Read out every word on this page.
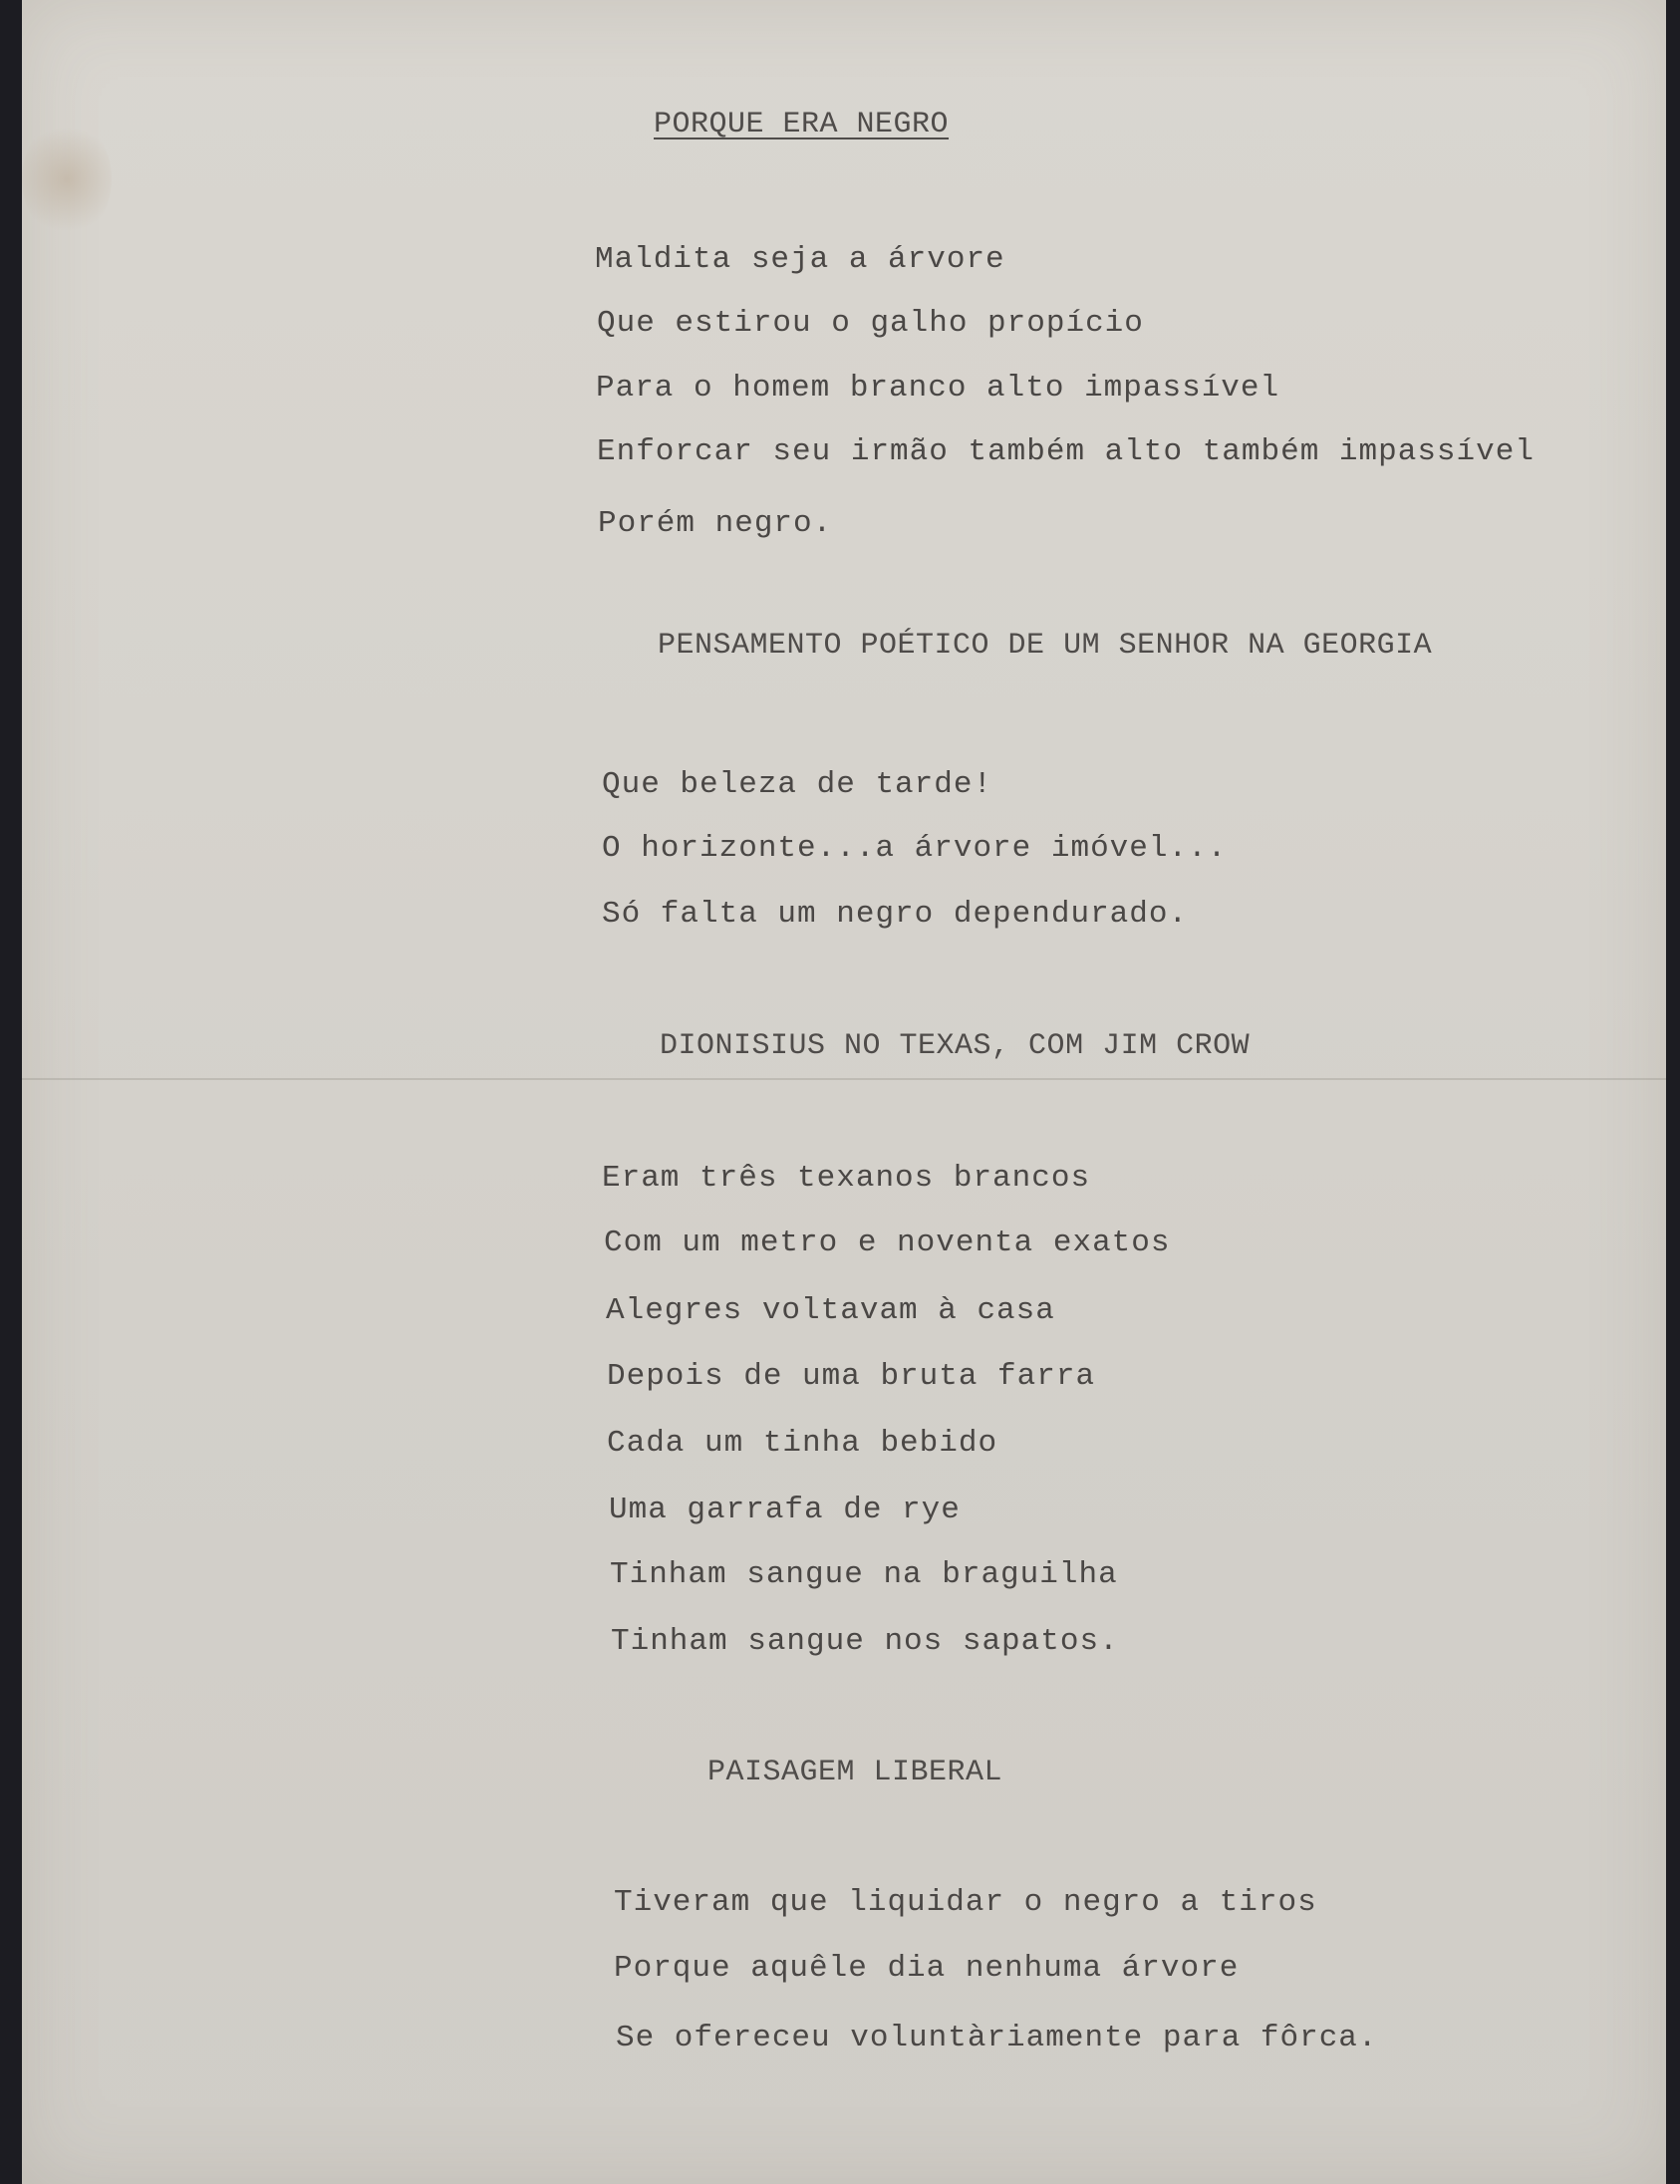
PORQUE ERA NEGRO
Maldita seja a árvore
Que estirou o galho propício
Para o homem branco alto impassível
Enforcar seu irmão também alto também impassível
Porém negro.
PENSAMENTO POÉTICO DE UM SENHOR NA GEORGIA
Que beleza de tarde!
O horizonte...a árvore imóvel...
Só falta um negro dependurado.
DIONISIUS NO TEXAS, COM JIM CROW
Eram três texanos brancos
Com um metro e noventa exatos
Alegres voltavam à casa
Depois de uma bruta farra
Cada um tinha bebido
Uma garrafa de rye
Tinham sangue na braguilha
Tinham sangue nos sapatos.
PAISAGEM LIBERAL
Tiveram que liquidar o negro a tiros
Porque aquêle dia nenhuma árvore
Se ofereceu voluntàriamente para fôrca.
